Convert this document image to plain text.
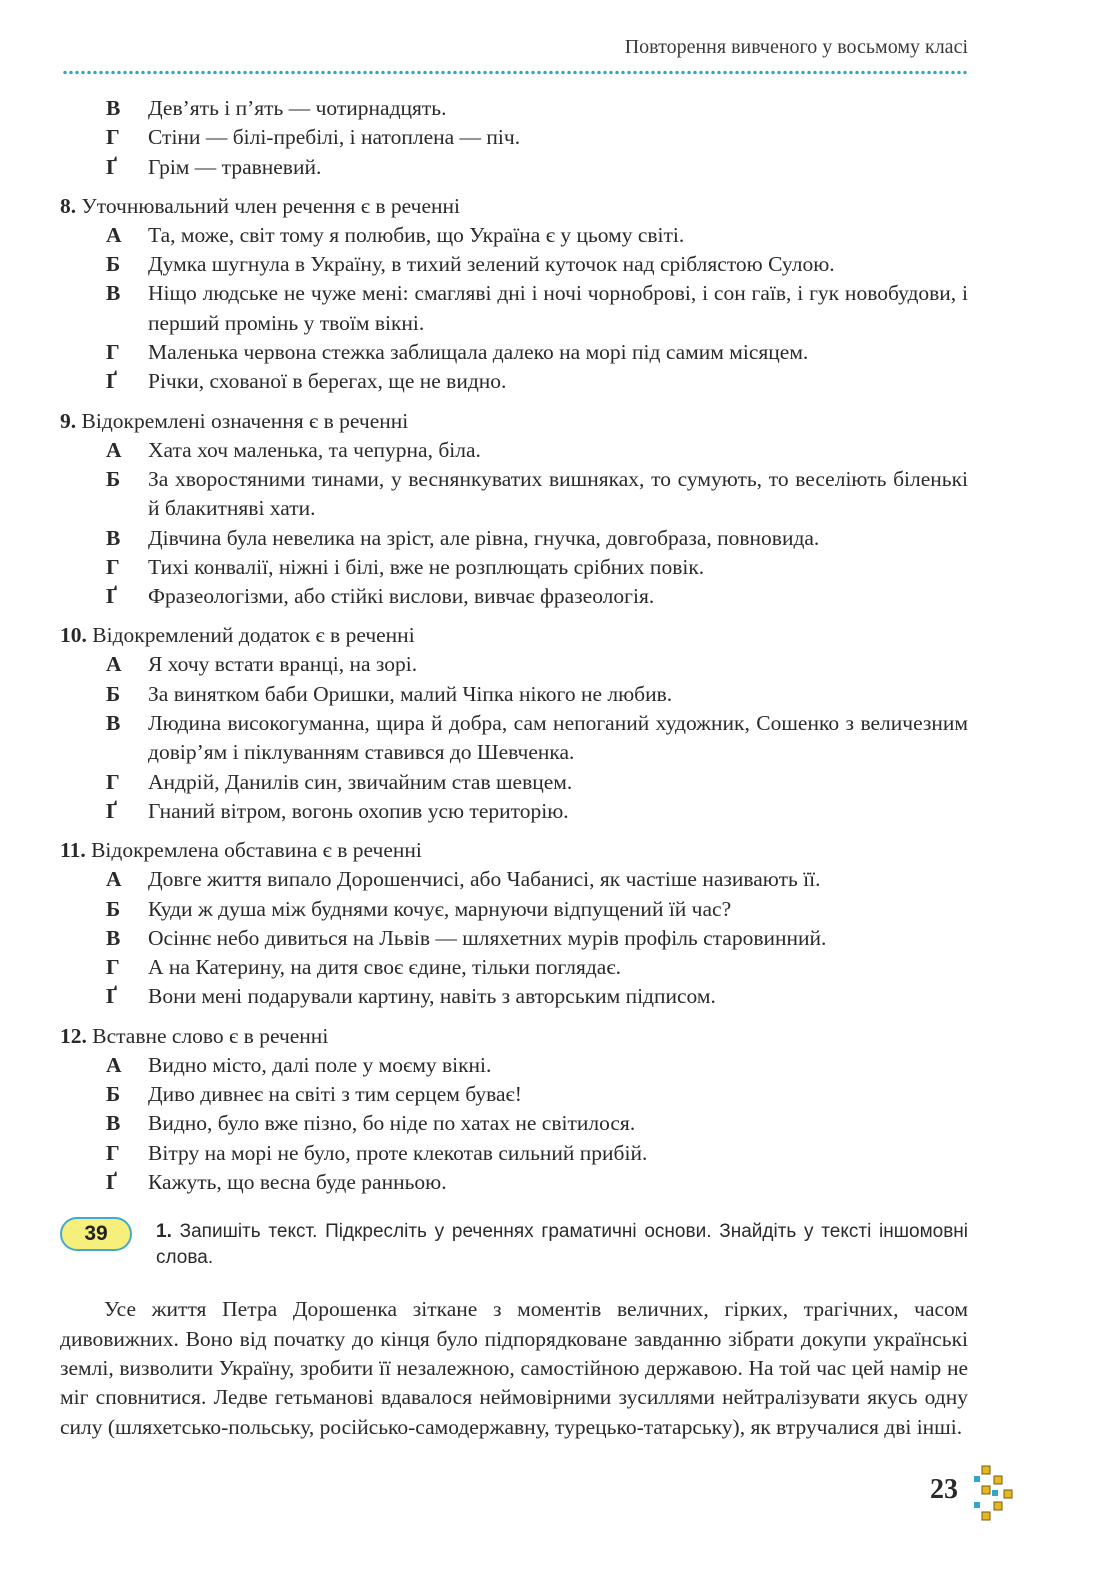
Повторення вивченого у восьмому класі
В	Дев’ять і п’ять — чотирнадцять.
Г	Стіни — білі-пребілі, і натоплена — піч.
Ґ	Грім — травневий.
8. Уточнювальний член речення є в реченні
А	Та, може, світ тому я полюбив, що Україна є у цьому світі.
Б	Думка шугнула в Україну, в тихий зелений куточок над сріблястою Сулою.
В	Ніщо людське не чуже мені: смагляві дні і ночі чорноброві, і сон гаїв, і гук новобудови, і перший промінь у твоїм вікні.
Г	Маленька червона стежка заблищала далеко на морі під самим місяцем.
Ґ	Річки, схованої в берегах, ще не видно.
9. Відокремлені означення є в реченні
А	Хата хоч маленька, та чепурна, біла.
Б	За хворостяними тинами, у веснянкуватих вишняках, то сумують, то веселіють біленькі й блакитняві хати.
В	Дівчина була невелика на зріст, але рівна, гнучка, довгобраза, повновида.
Г	Тихі конвалії, ніжні і білі, вже не розплющать срібних повік.
Ґ	Фразеологізми, або стійкі вислови, вивчає фразеологія.
10. Відокремлений додаток є в реченні
А	Я хочу встати вранці, на зорі.
Б	За винятком баби Оришки, малий Чіпка нікого не любив.
В	Людина високогуманна, щира й добра, сам непоганий художник, Сошенко з величезним довір’ям і піклуванням ставився до Шевченка.
Г	Андрій, Данилів син, звичайним став шевцем.
Ґ	Гнаний вітром, вогонь охопив усю територію.
11. Відокремлена обставина є в реченні
А	Довге життя випало Дорошенчисі, або Чабанисі, як частіше називають її.
Б	Куди ж душа між буднями кочує, марнуючи відпущений їй час?
В	Осіннє небо дивиться на Львів — шляхетних мурів профіль старовинний.
Г	А на Катерину, на дитя своє єдине, тільки поглядає.
Ґ	Вони мені подарували картину, навіть з авторським підписом.
12. Вставне слово є в реченні
А	Видно місто, далі поле у моєму вікні.
Б	Диво дивнеє на світі з тим серцем буває!
В	Видно, було вже пізно, бо ніде по хатах не світилося.
Г	Вітру на морі не було, проте клекотав сильний прибій.
Ґ	Кажуть, що весна буде ранньою.
39	1. Запишіть текст. Підкресліть у реченнях граматичні основи. Знайдіть у тексті іншомовні слова.
Усе життя Петра Дорошенка зіткане з моментів величних, гірких, трагічних, часом дивовижних. Воно від початку до кінця було підпорядковане завданню зібрати докупи українські землі, визволити Україну, зробити її незалежною, самостійною державою. На той час цей намір не міг сповнитися. Ледве гетьманові вдавалося неймовірними зусиллями нейтралізувати якусь одну силу (шляхетсько-польську, російсько-самодержавну, турецько-татарську), як втручалися дві інші.
23
